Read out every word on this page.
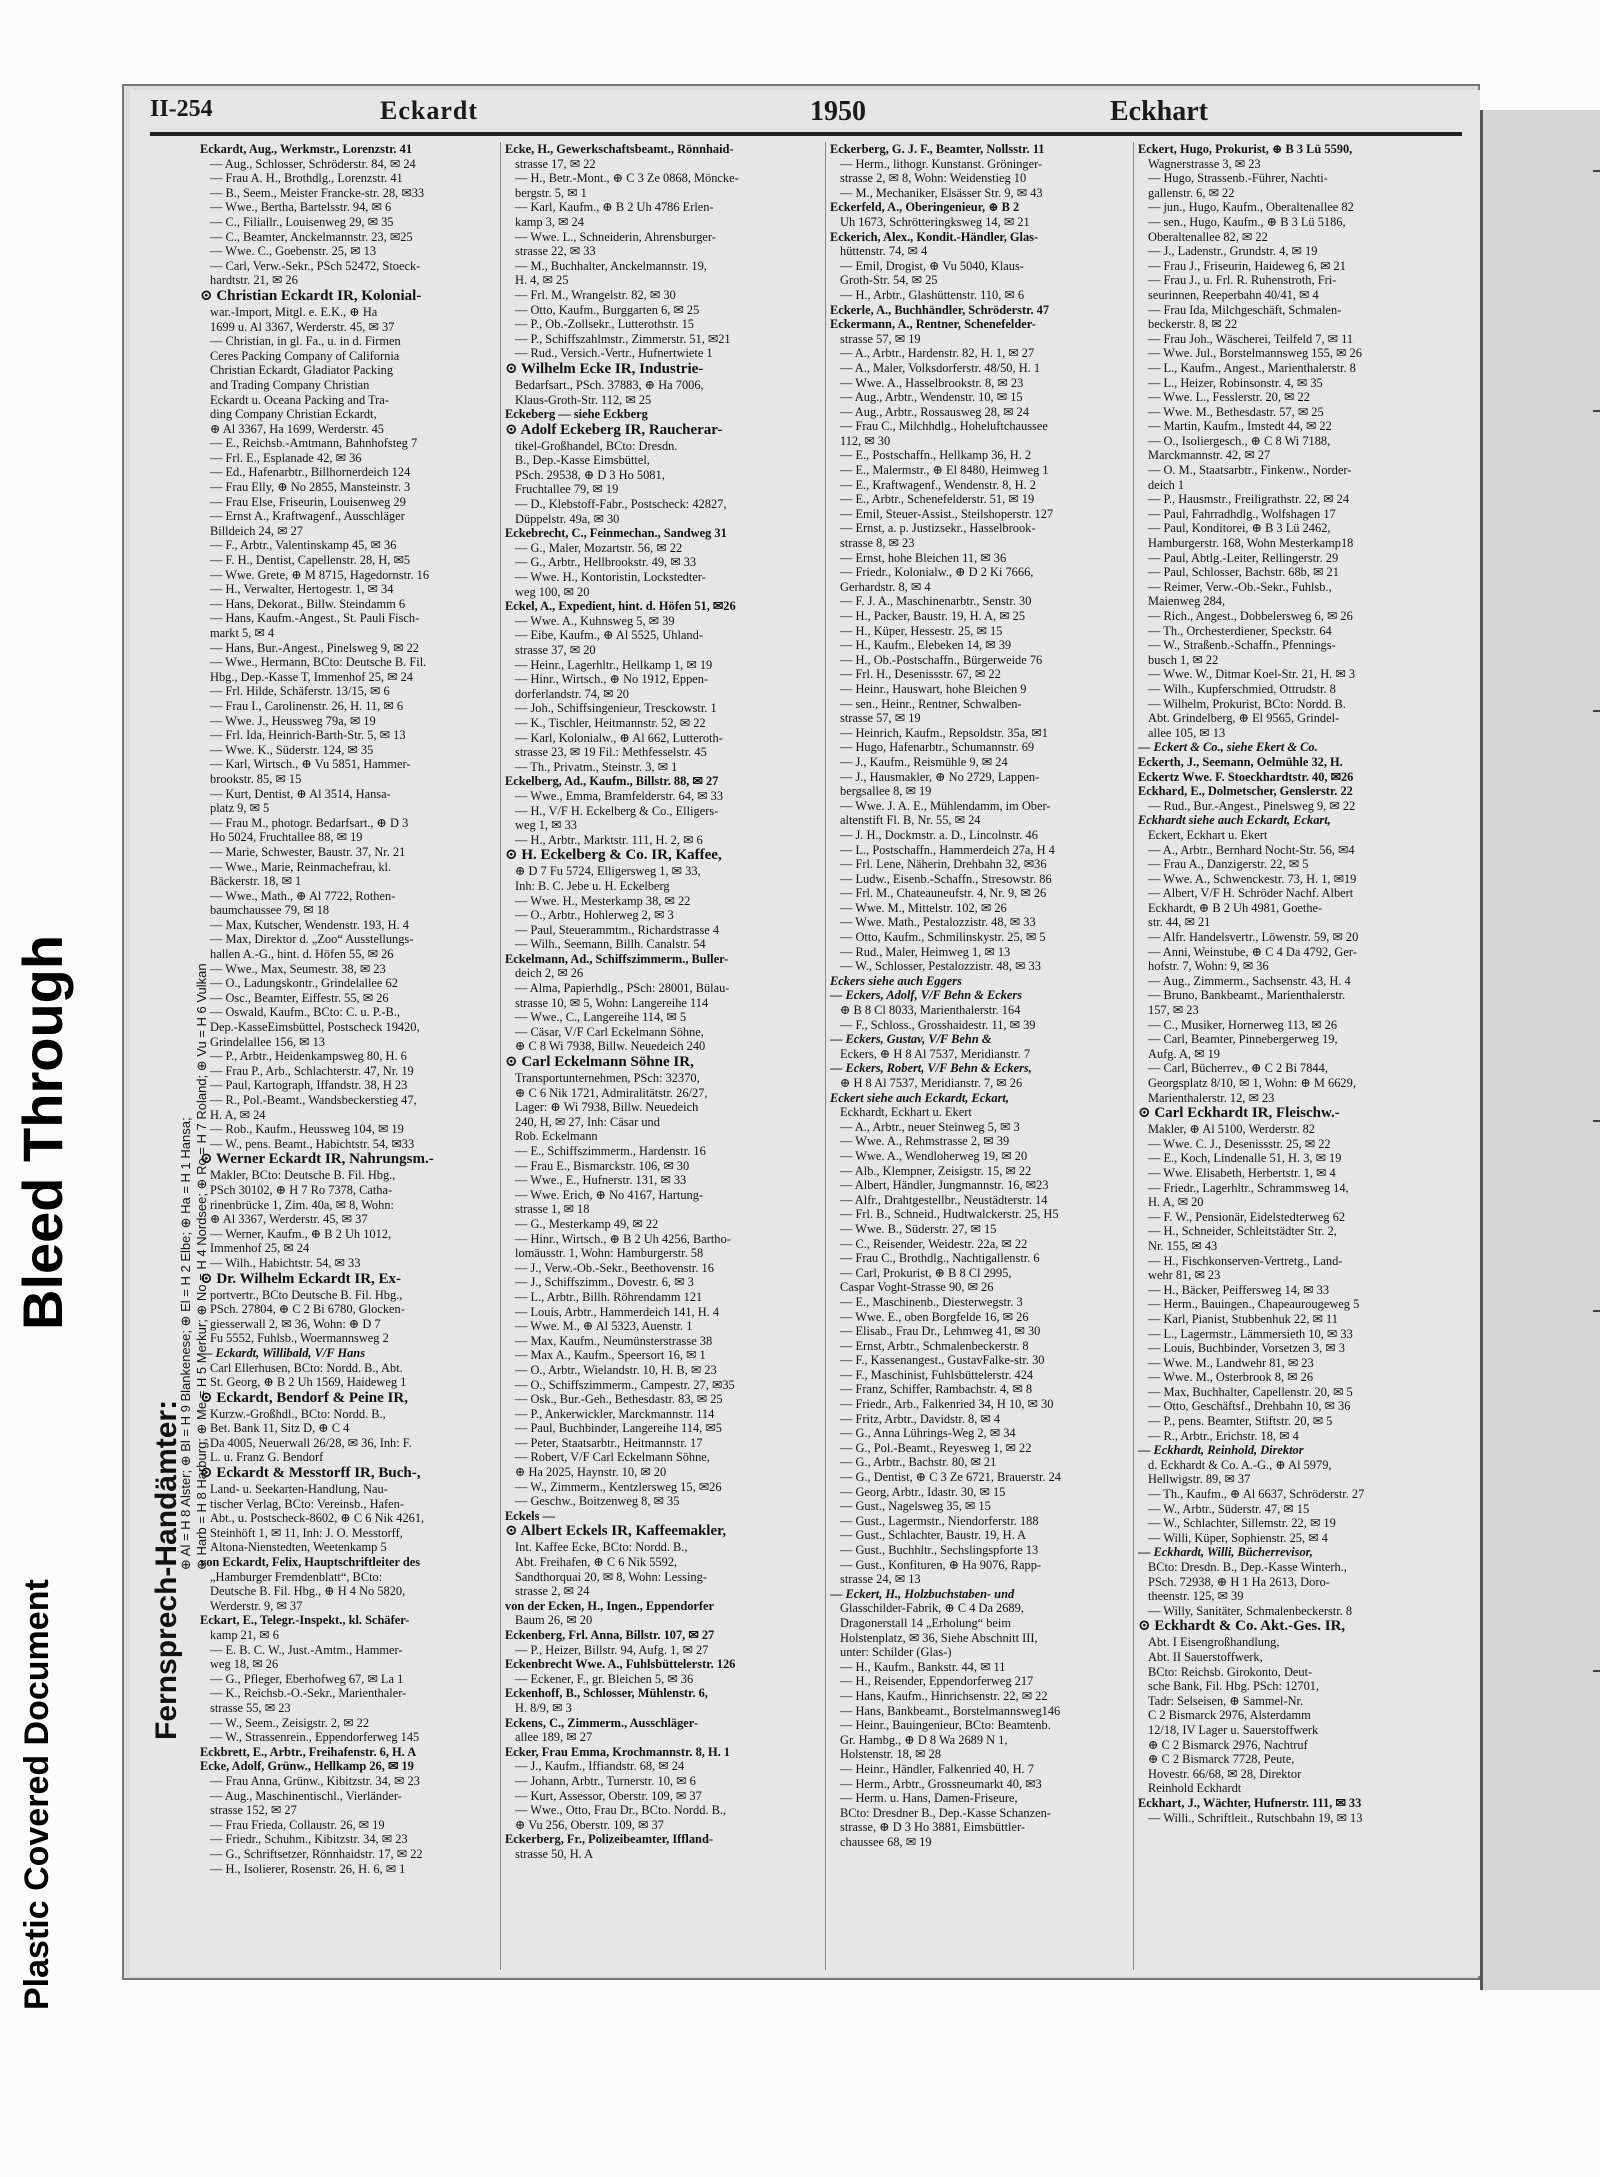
Plastic Covered Document
Bleed Through
II-254	Eckardt	1950	Eckhart
Fernsprech-Handämter:
⊕ Al = H 8 Alster; ⊕ Bl = H 9 Blankenese; ⊕ El = H 2 Elbe; ⊕ Ha = H 1 Hansa; ⊕ Harb = H 8 Harburg; ⊕ Me = H 5 Merkur; ⊕ No = H 4 Nordsee; ⊕ Ro = H 7 Roland; ⊕ Vu = H 6 Vulkan
Eckardt, Aug., Werkmstr., Lorenzstr. 41
— Aug., Schlosser, Schröderstr. 84, ✉ 24
— Frau A. H., Brothdlg., Lorenzstr. 41
— B., Seem., Meister Francke-str. 28, ✉33
— Wwe., Bertha, Bartelsstr. 94, ✉ 6
— C., Filiallr., Louisenweg 29, ✉ 35
— C., Beamter, Anckelmannstr. 23, ✉25
— Wwe. C., Goebenstr. 25, ✉ 13
— Carl, Verw.-Sekr., PSch 52472, Stoeck-
hardtstr. 21, ✉ 26
⊙ Christian Eckardt IR, Kolonial-
war.-Import, Mitgl. e. E.K., ⊕ Ha
1699 u. Al 3367, Werderstr. 45, ✉ 37
— Christian, in gl. Fa., u. in d. Firmen
Ceres Packing Company of California
Christian Eckardt, Gladiator Packing
and Trading Company Christian
Eckardt u. Oceana Packing and Tra-
ding Company Christian Eckardt,
⊕ Al 3367, Ha 1699, Werderstr. 45
— E., Reichsb.-Amtmann, Bahnhofsteg 7
— Frl. E., Esplanade 42, ✉ 36
— Ed., Hafenarbtr., Billhornerdeich 124
— Frau Elly, ⊕ No 2855, Mansteinstr. 3
— Frau Else, Friseurin, Louisenweg 29
— Ernst A., Kraftwagenf., Ausschläger
Billdeich 24, ✉ 27
— F., Arbtr., Valentinskamp 45, ✉ 36
— F. H., Dentist, Capellenstr. 28, H, ✉5
— Wwe. Grete, ⊕ M 8715, Hagedornstr. 16
— H., Verwalter, Hertogestr. 1, ✉ 34
— Hans, Dekorat., Billw. Steindamm 6
— Hans, Kaufm.-Angest., St. Pauli Fisch-
markt 5, ✉ 4
— Hans, Bur.-Angest., Pinelsweg 9, ✉ 22
— Wwe., Hermann, BCto: Deutsche B. Fil.
Hbg., Dep.-Kasse T, Immenhof 25, ✉ 24
— Frl. Hilde, Schäferstr. 13/15, ✉ 6
— Frau I., Carolinenstr. 26, H. 11, ✉ 6
— Wwe. J., Heussweg 79a, ✉ 19
— Frl. Ida, Heinrich-Barth-Str. 5, ✉ 13
— Wwe. K., Süderstr. 124, ✉ 35
— Karl, Wirtsch., ⊕ Vu 5851, Hammer-
brookstr. 85, ✉ 15
— Kurt, Dentist, ⊕ Al 3514, Hansa-
platz 9, ✉ 5
— Frau M., photogr. Bedarfsart., ⊕ D 3
Ho 5024, Fruchtallee 88, ✉ 19
— Marie, Schwester, Baustr. 37, Nr. 21
— Wwe., Marie, Reinmachefrau, kl.
Bäckerstr. 18, ✉ 1
— Wwe., Math., ⊕ Al 7722, Rothen-
baumchaussee 79, ✉ 18
— Max, Kutscher, Wendenstr. 193, H. 4
— Max, Direktor d. „Zoo“ Ausstellungs-
hallen A.-G., hint. d. Höfen 55, ✉ 26
— Wwe., Max, Seumestr. 38, ✉ 23
— O., Ladungskontr., Grindelallee 62
— Osc., Beamter, Eiffestr. 55, ✉ 26
— Oswald, Kaufm., BCto: C. u. P.-B.,
Dep.-KasseEimsbüttel, Postscheck 19420,
Grindelallee 156, ✉ 13
— P., Arbtr., Heidenkampsweg 80, H. 6
— Frau P., Arb., Schlachterstr. 47, Nr. 19
— Paul, Kartograph, Iffandstr. 38, H 23
— R., Pol.-Beamt., Wandsbeckerstieg 47,
H. A, ✉ 24
— Rob., Kaufm., Heussweg 104, ✉ 19
— W., pens. Beamt., Habichtstr. 54, ✉33
⊙ Werner Eckardt IR, Nahrungsm.-
Makler, BCto: Deutsche B. Fil. Hbg.,
PSch 30102, ⊕ H 7 Ro 7378, Catha-
rinenbrücke 1, Zim. 40a, ✉ 8, Wohn:
⊕ Al 3367, Werderstr. 45, ✉ 37
— Werner, Kaufm., ⊕ B 2 Uh 1012,
Immenhof 25, ✉ 24
— Wilh., Habichtstr. 54, ✉ 33
⊙ Dr. Wilhelm Eckardt IR, Ex-
portvertr., BCto Deutsche B. Fil. Hbg.,
PSch. 27804, ⊕ C 2 Bi 6780, Glocken-
giesserwall 2, ✉ 36, Wohn: ⊕ D 7
Fu 5552, Fuhlsb., Woermannsweg 2
— Eckardt, Willibald, V/F Hans
Carl Ellerhusen, BCto: Nordd. B., Abt.
St. Georg, ⊕ B 2 Uh 1569, Haideweg 1
⊙ Eckardt, Bendorf & Peine IR,
Kurzw.-Großhdl., BCto: Nordd. B.,
Bet. Bank 11, Sitz D, ⊕ C 4
Da 4005, Neuerwall 26/28, ✉ 36, Inh: F.
L. u. Franz G. Bendorf
⊙ Eckardt & Messtorff IR, Buch-,
Land- u. Seekarten-Handlung, Nau-
tischer Verlag, BCto: Vereinsb., Hafen-
Abt., u. Postscheck-8602, ⊕ C 6 Nik 4261,
Steinhöft 1, ✉ 11, Inh: J. O. Messtorff,
Altona-Nienstedten, Weetenkamp 5
von Eckardt, Felix, Hauptschriftleiter des
„Hamburger Fremdenblatt“, BCto:
Deutsche B. Fil. Hbg., ⊕ H 4 No 5820,
Werderstr. 9, ✉ 37
Eckart, E., Telegr.-Inspekt., kl. Schäfer-
kamp 21, ✉ 6
— E. B. C. W., Just.-Amtm., Hammer-
weg 18, ✉ 26
— G., Pfleger, Eberhofweg 67, ✉ La 1
— K., Reichsb.-O.-Sekr., Marienthaler-
strasse 55, ✉ 23
— W., Seem., Zeisigstr. 2, ✉ 22
— W., Strassenrein., Eppendorferweg 145
Eckbrett, E., Arbtr., Freihafenstr. 6, H. A
Ecke, Adolf, Grünw., Hellkamp 26, ✉ 19
— Frau Anna, Grünw., Kibitzstr. 34, ✉ 23
— Aug., Maschinentischl., Vierländer-
strasse 152, ✉ 27
— Frau Frieda, Collaustr. 26, ✉ 19
— Friedr., Schuhm., Kibitzstr. 34, ✉ 23
— G., Schriftsetzer, Rönnhaidstr. 17, ✉ 22
— H., Isolierer, Rosenstr. 26, H. 6, ✉ 1
Ecke, H., Gewerkschaftsbeamt., Rönnhaid-
strasse 17, ✉ 22
— H., Betr.-Mont., ⊕ C 3 Ze 0868, Möncke-
bergstr. 5, ✉ 1
— Karl, Kaufm., ⊕ B 2 Uh 4786 Erlen-
kamp 3, ✉ 24
— Wwe. L., Schneiderin, Ahrensburger-
strasse 22, ✉ 33
— M., Buchhalter, Anckelmannstr. 19,
H. 4, ✉ 25
— Frl. M., Wrangelstr. 82, ✉ 30
— Otto, Kaufm., Burggarten 6, ✉ 25
— P., Ob.-Zollsekr., Lutterothstr. 15
— P., Schiffszahlmstr., Zimmerstr. 51, ✉21
— Rud., Versich.-Vertr., Hufnertwiete 1
⊙ Wilhelm Ecke IR, Industrie-
Bedarfsart., PSch. 37883, ⊕ Ha 7006,
Klaus-Groth-Str. 112, ✉ 25
Eckeberg — siehe Eckberg
⊙ Adolf Eckeberg IR, Raucherar-
tikel-Großhandel, BCto: Dresdn.
B., Dep.-Kasse Eimsbüttel,
PSch. 29538, ⊕ D 3 Ho 5081,
Fruchtallee 79, ✉ 19
— D., Klebstoff-Fabr., Postscheck: 42827,
Düppelstr. 49a, ✉ 30
Eckebrecht, C., Feinmechan., Sandweg 31
— G., Maler, Mozartstr. 56, ✉ 22
— G., Arbtr., Hellbrookstr. 49, ✉ 33
— Wwe. H., Kontoristin, Lockstedter-
weg 100, ✉ 20
Eckel, A., Expedient, hint. d. Höfen 51, ✉26
— Wwe. A., Kuhnsweg 5, ✉ 39
— Eibe, Kaufm., ⊕ Al 5525, Uhland-
strasse 37, ✉ 20
— Heinr., Lagerhltr., Hellkamp 1, ✉ 19
— Hinr., Wirtsch., ⊕ No 1912, Eppen-
dorferlandstr. 74, ✉ 20
— Joh., Schiffsingenieur, Tresckowstr. 1
— K., Tischler, Heitmannstr. 52, ✉ 22
— Karl, Kolonialw., ⊕ Al 662, Lutteroth-
strasse 23, ✉ 19 Fil.: Methfesselstr. 45
— Th., Privatm., Steinstr. 3, ✉ 1
Eckelberg, Ad., Kaufm., Billstr. 88, ✉ 27
— Wwe., Emma, Bramfelderstr. 64, ✉ 33
— H., V/F H. Eckelberg & Co., Elligers-
weg 1, ✉ 33
— H., Arbtr., Marktstr. 111, H. 2, ✉ 6
⊙ H. Eckelberg & Co. IR, Kaffee,
⊕ D 7 Fu 5724, Elligersweg 1, ✉ 33,
Inh: B. C. Jebe u. H. Eckelberg
— Wwe. H., Mesterkamp 38, ✉ 22
— O., Arbtr., Hohlerweg 2, ✉ 3
— Paul, Steuerammtm., Richardstrasse 4
— Wilh., Seemann, Billh. Canalstr. 54
Eckelmann, Ad., Schiffszimmerm., Buller-
deich 2, ✉ 26
— Alma, Papierhdlg., PSch: 28001, Bülau-
strasse 10, ✉ 5, Wohn: Langereihe 114
— Wwe., C., Langereihe 114, ✉ 5
— Cäsar, V/F Carl Eckelmann Söhne,
⊕ C 8 Wi 7938, Billw. Neuedeich 240
⊙ Carl Eckelmann Söhne IR,
Transportunternehmen, PSch: 32370,
⊕ C 6 Nik 1721, Admiralitätstr. 26/27,
Lager: ⊕ Wi 7938, Billw. Neuedeich
240, H, ✉ 27, Inh: Cäsar und
Rob. Eckelmann
— E., Schiffszimmerm., Hardenstr. 16
— Frau E., Bismarckstr. 106, ✉ 30
— Wwe., E., Hufnerstr. 131, ✉ 33
— Wwe. Erich, ⊕ No 4167, Hartung-
strasse 1, ✉ 18
— G., Mesterkamp 49, ✉ 22
— Hinr., Wirtsch., ⊕ B 2 Uh 4256, Bartho-
lomäusstr. 1, Wohn: Hamburgerstr. 58
— J., Verw.-Ob.-Sekr., Beethovenstr. 16
— J., Schiffszimm., Dovestr. 6, ✉ 3
— L., Arbtr., Billh. Röhrendamm 121
— Louis, Arbtr., Hammerdeich 141, H. 4
— Wwe. M., ⊕ Al 5323, Auenstr. 1
— Max, Kaufm., Neumünsterstrasse 38
— Max A., Kaufm., Speersort 16, ✉ 1
— O., Arbtr., Wielandstr. 10, H. B, ✉ 23
— O., Schiffszimmerm., Campestr. 27, ✉35
— Osk., Bur.-Geh., Bethesdastr. 83, ✉ 25
— P., Ankerwickler, Marckmannstr. 114
— Paul, Buchbinder, Langereihe 114, ✉5
— Peter, Staatsarbtr., Heitmannstr. 17
— Robert, V/F Carl Eckelmann Söhne,
⊕ Ha 2025, Haynstr. 10, ✉ 20
— W., Zimmerm., Kentzlersweg 15, ✉26
— Geschw., Boitzenweg 8, ✉ 35
Eckels —
⊙ Albert Eckels IR, Kaffeemakler,
Int. Kaffee Ecke, BCto: Nordd. B.,
Abt. Freihafen, ⊕ C 6 Nik 5592,
Sandthorquai 20, ✉ 8, Wohn: Lessing-
strasse 2, ✉ 24
von der Ecken, H., Ingen., Eppendorfer
Baum 26, ✉ 20
Eckenberg, Frl. Anna, Billstr. 107, ✉ 27
— P., Heizer, Billstr. 94, Aufg. 1, ✉ 27
Eckenbrecht Wwe. A., Fuhlsbüttelerstr. 126
— Eckener, F., gr. Bleichen 5, ✉ 36
Eckenhoff, B., Schlosser, Mühlenstr. 6,
H. 8/9, ✉ 3
Eckens, C., Zimmerm., Ausschläger-
allee 189, ✉ 27
Ecker, Frau Emma, Krochmannstr. 8, H. 1
— J., Kaufm., Iffiandstr. 68, ✉ 24
— Johann, Arbtr., Turnerstr. 10, ✉ 6
— Kurt, Assessor, Oberstr. 109, ✉ 37
— Wwe., Otto, Frau Dr., BCto. Nordd. B.,
⊕ Vu 256, Oberstr. 109, ✉ 37
Eckerberg, Fr., Polizeibeamter, Iffland-
strasse 50, H. A
Eckerberg, G. J. F., Beamter, Nollsstr. 11
— Herm., lithogr. Kunstanst. Gröninger-
strasse 2, ✉ 8, Wohn: Weidenstieg 10
— M., Mechaniker, Elsässer Str. 9, ✉ 43
Eckerfeld, A., Oberingenieur, ⊕ B 2
Uh 1673, Schrötteringksweg 14, ✉ 21
Eckerich, Alex., Kondit.-Händler, Glas-
hüttenstr. 74, ✉ 4
— Emil, Drogist, ⊕ Vu 5040, Klaus-
Groth-Str. 54, ✉ 25
— H., Arbtr., Glashüttenstr. 110, ✉ 6
Eckerle, A., Buchhändler, Schröderstr. 47
Eckermann, A., Rentner, Schenefelder-
strasse 57, ✉ 19
— A., Arbtr., Hardenstr. 82, H. 1, ✉ 27
— A., Maler, Volksdorferstr. 48/50, H. 1
— Wwe. A., Hasselbrookstr. 8, ✉ 23
— Aug., Arbtr., Wendenstr. 10, ✉ 15
— Aug., Arbtr., Rossausweg 28, ✉ 24
— Frau C., Milchhdlg., Hoheluftchaussee
112, ✉ 30
— E., Postschaffn., Hellkamp 36, H. 2
— E., Malermstr., ⊕ El 8480, Heimweg 1
— E., Kraftwagenf., Wendenstr. 8, H. 2
— E., Arbtr., Schenefelderstr. 51, ✉ 19
— Emil, Steuer-Assist., Steilshoperstr. 127
— Ernst, a. p. Justizsekr., Hasselbrook-
strasse 8, ✉ 23
— Ernst, hohe Bleichen 11, ✉ 36
— Friedr., Kolonialw., ⊕ D 2 Ki 7666,
Gerhardstr. 8, ✉ 4
— F. J. A., Maschinenarbtr., Senstr. 30
— H., Packer, Baustr. 19, H. A, ✉ 25
— H., Küper, Hessestr. 25, ✉ 15
— H., Kaufm., Elebeken 14, ✉ 39
— H., Ob.-Postschaffn., Bürgerweide 76
— Frl. H., Desenissstr. 67, ✉ 22
— Heinr., Hauswart, hohe Bleichen 9
— sen., Heinr., Rentner, Schwalben-
strasse 57, ✉ 19
— Heinrich, Kaufm., Repsoldstr. 35a, ✉1
— Hugo, Hafenarbtr., Schumannstr. 69
— J., Kaufm., Reismühle 9, ✉ 24
— J., Hausmakler, ⊕ No 2729, Lappen-
bergsallee 8, ✉ 19
— Wwe. J. A. E., Mühlendamm, im Ober-
altenstift Fl. B, Nr. 55, ✉ 24
— J. H., Dockmstr. a. D., Lincolnstr. 46
— L., Postschaffn., Hammerdeich 27a, H 4
— Frl. Lene, Näherin, Drehbahn 32, ✉36
— Ludw., Eisenb.-Schaffn., Stresowstr. 86
— Frl. M., Chateauneufstr. 4, Nr. 9, ✉ 26
— Wwe. M., Mittelstr. 102, ✉ 26
— Wwe. Math., Pestalozzistr. 48, ✉ 33
— Otto, Kaufm., Schmilinskystr. 25, ✉ 5
— Rud., Maler, Heimweg 1, ✉ 13
— W., Schlosser, Pestalozzistr. 48, ✉ 33
Eckers siehe auch Eggers
— Eckers, Adolf, V/F Behn & Eckers
⊕ B 8 Cl 8033, Marienthalerstr. 164
— F., Schloss., Grosshaidestr. 11, ✉ 39
— Eckers, Gustav, V/F Behn &
Eckers, ⊕ H 8 Al 7537, Meridianstr. 7
— Eckers, Robert, V/F Behn & Eckers,
⊕ H 8 Al 7537, Meridianstr. 7, ✉ 26
Eckert siehe auch Eckardt, Eckart,
Eckhardt, Eckhart u. Ekert
— A., Arbtr., neuer Steinweg 5, ✉ 3
— Wwe. A., Rehmstrasse 2, ✉ 39
— Wwe. A., Wendloherweg 19, ✉ 20
— Alb., Klempner, Zeisigstr. 15, ✉ 22
— Albert, Händler, Jungmannstr. 16, ✉23
— Alfr., Drahtgestellbr., Neustädterstr. 14
— Frl. B., Schneid., Hudtwalckerstr. 25, H5
— Wwe. B., Süderstr. 27, ✉ 15
— C., Reisender, Weidestr. 22a, ✉ 22
— Frau C., Brothdlg., Nachtigallenstr. 6
— Carl, Prokurist, ⊕ B 8 Cl 2995,
Caspar Voght-Strasse 90, ✉ 26
— E., Maschinenb., Diesterwegstr. 3
— Wwe. E., oben Borgfelde 16, ✉ 26
— Elisab., Frau Dr., Lehmweg 41, ✉ 30
— Ernst, Arbtr., Schmalenbeckerstr. 8
— F., Kassenangest., GustavFalke-str. 30
— F., Maschinist, Fuhlsbüttelerstr. 424
— Franz, Schiffer, Rambachstr. 4, ✉ 8
— Friedr., Arb., Falkenried 34, H 10, ✉ 30
— Fritz, Arbtr., Davidstr. 8, ✉ 4
— G., Anna Lührings-Weg 2, ✉ 34
— G., Pol.-Beamt., Reyesweg 1, ✉ 22
— G., Arbtr., Bachstr. 80, ✉ 21
— G., Dentist, ⊕ C 3 Ze 6721, Brauerstr. 24
— Georg, Arbtr., Idastr. 30, ✉ 15
— Gust., Nagelsweg 35, ✉ 15
— Gust., Lagermstr., Niendorferstr. 188
— Gust., Schlachter, Baustr. 19, H. A
— Gust., Buchhltr., Sechslingspforte 13
— Gust., Konfituren, ⊕ Ha 9076, Rapp-
strasse 24, ✉ 13
— Eckert, H., Holzbuchstaben- und
Glasschilder-Fabrik, ⊕ C 4 Da 2689,
Dragonerstall 14 „Erholung“ beim
Holstenplatz, ✉ 36, Siehe Abschnitt III,
unter: Schilder (Glas-)
— H., Kaufm., Bankstr. 44, ✉ 11
— H., Reisender, Eppendorferweg 217
— Hans, Kaufm., Hinrichsenstr. 22, ✉ 22
— Hans, Bankbeamt., Borstelmannsweg146
— Heinr., Bauingenieur, BCto: Beamtenb.
Gr. Hambg., ⊕ D 8 Wa 2689 N 1,
Holstenstr. 18, ✉ 28
— Heinr., Händler, Falkenried 40, H. 7
— Herm., Arbtr., Grossneumarkt 40, ✉3
— Herm. u. Hans, Damen-Friseure,
BCto: Dresdner B., Dep.-Kasse Schanzen-
strasse, ⊕ D 3 Ho 3881, Eimsbüttler-
chaussee 68, ✉ 19
Eckert, Hugo, Prokurist, ⊕ B 3 Lü 5590,
Wagnerstrasse 3, ✉ 23
— Hugo, Strassenb.-Führer, Nachti-
gallenstr. 6, ✉ 22
— jun., Hugo, Kaufm., Oberaltenallee 82
— sen., Hugo, Kaufm., ⊕ B 3 Lü 5186,
Oberaltenallee 82, ✉ 22
— J., Ladenstr., Grundstr. 4, ✉ 19
— Frau J., Friseurin, Haideweg 6, ✉ 21
— Frau J., u. Frl. R. Ruhenstroth, Fri-
seurinnen, Reeperbahn 40/41, ✉ 4
— Frau Ida, Milchgeschäft, Schmalen-
beckerstr. 8, ✉ 22
— Frau Joh., Wäscherei, Teilfeld 7, ✉ 11
— Wwe. Jul., Borstelmannsweg 155, ✉ 26
— L., Kaufm., Angest., Marienthalerstr. 8
— L., Heizer, Robinsonstr. 4, ✉ 35
— Wwe. L., Fesslerstr. 20, ✉ 22
— Wwe. M., Bethesdastr. 57, ✉ 25
— Martin, Kaufm., Imstedt 44, ✉ 22
— O., Isoliergesch., ⊕ C 8 Wi 7188,
Marckmannstr. 42, ✉ 27
— O. M., Staatsarbtr., Finkenw., Norder-
deich 1
— P., Hausmstr., Freiligrathstr. 22, ✉ 24
— Paul, Fahrradhdlg., Wolfshagen 17
— Paul, Konditorei, ⊕ B 3 Lü 2462,
Hamburgerstr. 168, Wohn Mesterkamp18
— Paul, Abtlg.-Leiter, Rellingerstr. 29
— Paul, Schlosser, Bachstr. 68b, ✉ 21
— Reimer, Verw.-Ob.-Sekr., Fuhlsb.,
Maienweg 284,
— Rich., Angest., Dobbelersweg 6, ✉ 26
— Th., Orchesterdiener, Speckstr. 64
— W., Straßenb.-Schaffn., Pfennings-
busch 1, ✉ 22
— Wwe. W., Ditmar Koel-Str. 21, H. ✉ 3
— Wilh., Kupferschmied, Ottrudstr. 8
— Wilhelm, Prokurist, BCto: Nordd. B.
Abt. Grindelberg, ⊕ El 9565, Grindel-
allee 105, ✉ 13
— Eckert & Co., siehe Ekert & Co.
Eckerth, J., Seemann, Oelmühle 32, H.
Eckertz Wwe. F. Stoeckhardtstr. 40, ✉26
Eckhard, E., Dolmetscher, Genslerstr. 22
— Rud., Bur.-Angest., Pinelsweg 9, ✉ 22
Eckhardt siehe auch Eckardt, Eckart,
Eckert, Eckhart u. Ekert
— A., Arbtr., Bernhard Nocht-Str. 56, ✉4
— Frau A., Danzigerstr. 22, ✉ 5
— Wwe. A., Schwenckestr. 73, H. 1, ✉19
— Albert, V/F H. Schröder Nachf. Albert
Eckhardt, ⊕ B 2 Uh 4981, Goethe-
str. 44, ✉ 21
— Alfr. Handelsvertr., Löwenstr. 59, ✉ 20
— Anni, Weinstube, ⊕ C 4 Da 4792, Ger-
hofstr. 7, Wohn: 9, ✉ 36
— Aug., Zimmerm., Sachsenstr. 43, H. 4
— Bruno, Bankbeamt., Marienthalerstr.
157, ✉ 23
— C., Musiker, Hornerweg 113, ✉ 26
— Carl, Beamter, Pinnebergerweg 19,
Aufg. A, ✉ 19
— Carl, Bücherrev., ⊕ C 2 Bi 7844,
Georgsplatz 8/10, ✉ 1, Wohn: ⊕ M 6629,
Marienthalerstr. 12, ✉ 23
⊙ Carl Eckhardt IR, Fleischw.-
Makler, ⊕ Al 5100, Werderstr. 82
— Wwe. C. J., Desenissstr. 25, ✉ 22
— E., Koch, Lindenalle 51, H. 3, ✉ 19
— Wwe. Elisabeth, Herbertstr. 1, ✉ 4
— Friedr., Lagerhltr., Schrammsweg 14,
H. A, ✉ 20
— F. W., Pensionär, Eidelstedterweg 62
— H., Schneider, Schleitstädter Str. 2,
Nr. 155, ✉ 43
— H., Fischkonserven-Vertretg., Land-
wehr 81, ✉ 23
— H., Bäcker, Peiffersweg 14, ✉ 33
— Herm., Bauingen., Chapeaurougeweg 5
— Karl, Pianist, Stubbenhuk 22, ✉ 11
— L., Lagermstr., Lämmersieth 10, ✉ 33
— Louis, Buchbinder, Vorsetzen 3, ✉ 3
— Wwe. M., Landwehr 81, ✉ 23
— Wwe. M., Osterbrook 8, ✉ 26
— Max, Buchhalter, Capellenstr. 20, ✉ 5
— Otto, Geschäftsf., Drehbahn 10, ✉ 36
— P., pens. Beamter, Stiftstr. 20, ✉ 5
— R., Arbtr., Erichstr. 18, ✉ 4
— Eckhardt, Reinhold, Direktor
d. Eckhardt & Co. A.-G., ⊕ Al 5979,
Hellwigstr. 89, ✉ 37
— Th., Kaufm., ⊕ Al 6637, Schröderstr. 27
— W., Arbtr., Süderstr. 47, ✉ 15
— W., Schlachter, Sillemstr. 22, ✉ 19
— Willi, Küper, Sophienstr. 25, ✉ 4
— Eckhardt, Willi, Bücherrevisor,
BCto: Dresdn. B., Dep.-Kasse Winterh.,
PSch. 72938, ⊕ H 1 Ha 2613, Doro-
theenstr. 125, ✉ 39
— Willy, Sanitäter, Schmalenbeckerstr. 8
⊙ Eckhardt & Co. Akt.-Ges. IR,
Abt. I Eisengroßhandlung,
Abt. II Sauerstoffwerk,
BCto: Reichsb. Girokonto, Deut-
sche Bank, Fil. Hbg. PSch: 12701,
Tadr: Selseisen, ⊕ Sammel-Nr.
C 2 Bismarck 2976, Alsterdamm
12/18, IV Lager u. Sauerstoffwerk
⊕ C 2 Bismarck 2976, Nachtruf
⊕ C 2 Bismarck 7728, Peute,
Hovestr. 66/68, ✉ 28, Direktor
Reinhold Eckhardt
Eckhart, J., Wächter, Hufnerstr. 111, ✉ 33
— Willi., Schriftleit., Rutschbahn 19, ✉ 13
